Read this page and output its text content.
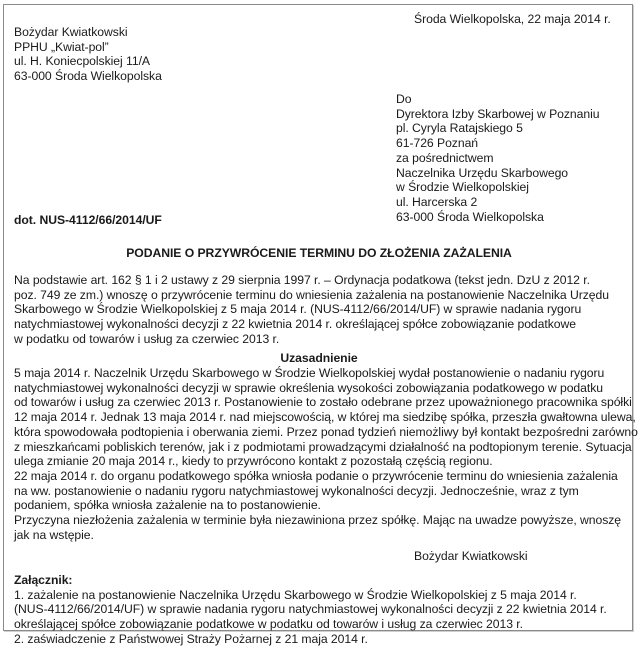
Bożydar Kwiatkowski
PPHU „Kwiat-pol”
ul. H. Koniecpolskiej 11/A
63-000 Środa Wielkopolska
Środa Wielkopolska, 22 maja 2014 r.
Do
Dyrektora Izby Skarbowej w Poznaniu
pl. Cyryla Ratajskiego 5
61-726 Poznań
za pośrednictwem
Naczelnika Urzędu Skarbowego
w Środzie Wielkopolskiej
ul. Harcerska 2
63-000 Środa Wielkopolska
dot. NUS-4112/66/2014/UF
PODANIE O PRZYWRÓCENIE TERMINU DO ZŁOŻENIA ZAŻALENIA
Na podstawie art. 162 § 1 i 2 ustawy z 29 sierpnia 1997 r. – Ordynacja podatkowa (tekst jedn. DzU z 2012 r.
poz. 749 ze zm.) wnoszę o przywrócenie terminu do wniesienia zażalenia na postanowienie Naczelnika Urzędu
Skarbowego w Środzie Wielkopolskiej z 5 maja 2014 r. (NUS-4112/66/2014/UF) w sprawie nadania rygoru
natychmiastowej wykonalności decyzji z 22 kwietnia 2014 r. określającej spółce zobowiązanie podatkowe
w podatku od towarów i usług za czerwiec 2013 r.
Uzasadnienie
5 maja 2014 r. Naczelnik Urzędu Skarbowego w Środzie Wielkopolskiej wydał postanowienie o nadaniu rygoru
natychmiastowej wykonalności decyzji w sprawie określenia wysokości zobowiązania podatkowego w podatku
od towarów i usług za czerwiec 2013 r. Postanowienie to zostało odebrane przez upoważnionego pracownika spółki
12 maja 2014 r. Jednak 13 maja 2014 r. nad miejscowością, w której ma siedzibę spółka, przeszła gwałtowna ulewa,
która spowodowała podtopienia i oberwania ziemi. Przez ponad tydzień niemożliwy był kontakt bezpośredni zarówno
z mieszkańcami pobliskich terenów, jak i z podmiotami prowadzącymi działalność na podtopionym terenie. Sytuacja
ulega zmianie 20 maja 2014 r., kiedy to przywrócono kontakt z pozostałą częścią regionu.
22 maja 2014 r. do organu podatkowego spółka wniosła podanie o przywrócenie terminu do wniesienia zażalenia
na ww. postanowienie o nadaniu rygoru natychmiastowej wykonalności decyzji. Jednocześnie, wraz z tym
podaniem, spółka wniosła zażalenie na to postanowienie.
Przyczyna niezłożenia zażalenia w terminie była niezawiniona przez spółkę. Mając na uwadze powyższe, wnoszę
jak na wstępie.
Bożydar Kwiatkowski
Załącznik:
1. zażalenie na postanowienie Naczelnika Urzędu Skarbowego w Środzie Wielkopolskiej z 5 maja 2014 r.
(NUS-4112/66/2014/UF) w sprawie nadania rygoru natychmiastowej wykonalności decyzji z 22 kwietnia 2014 r.
określającej spółce zobowiązanie podatkowe w podatku od towarów i usług za czerwiec 2013 r.
2. zaświadczenie z Państwowej Straży Pożarnej z 21 maja 2014 r.
